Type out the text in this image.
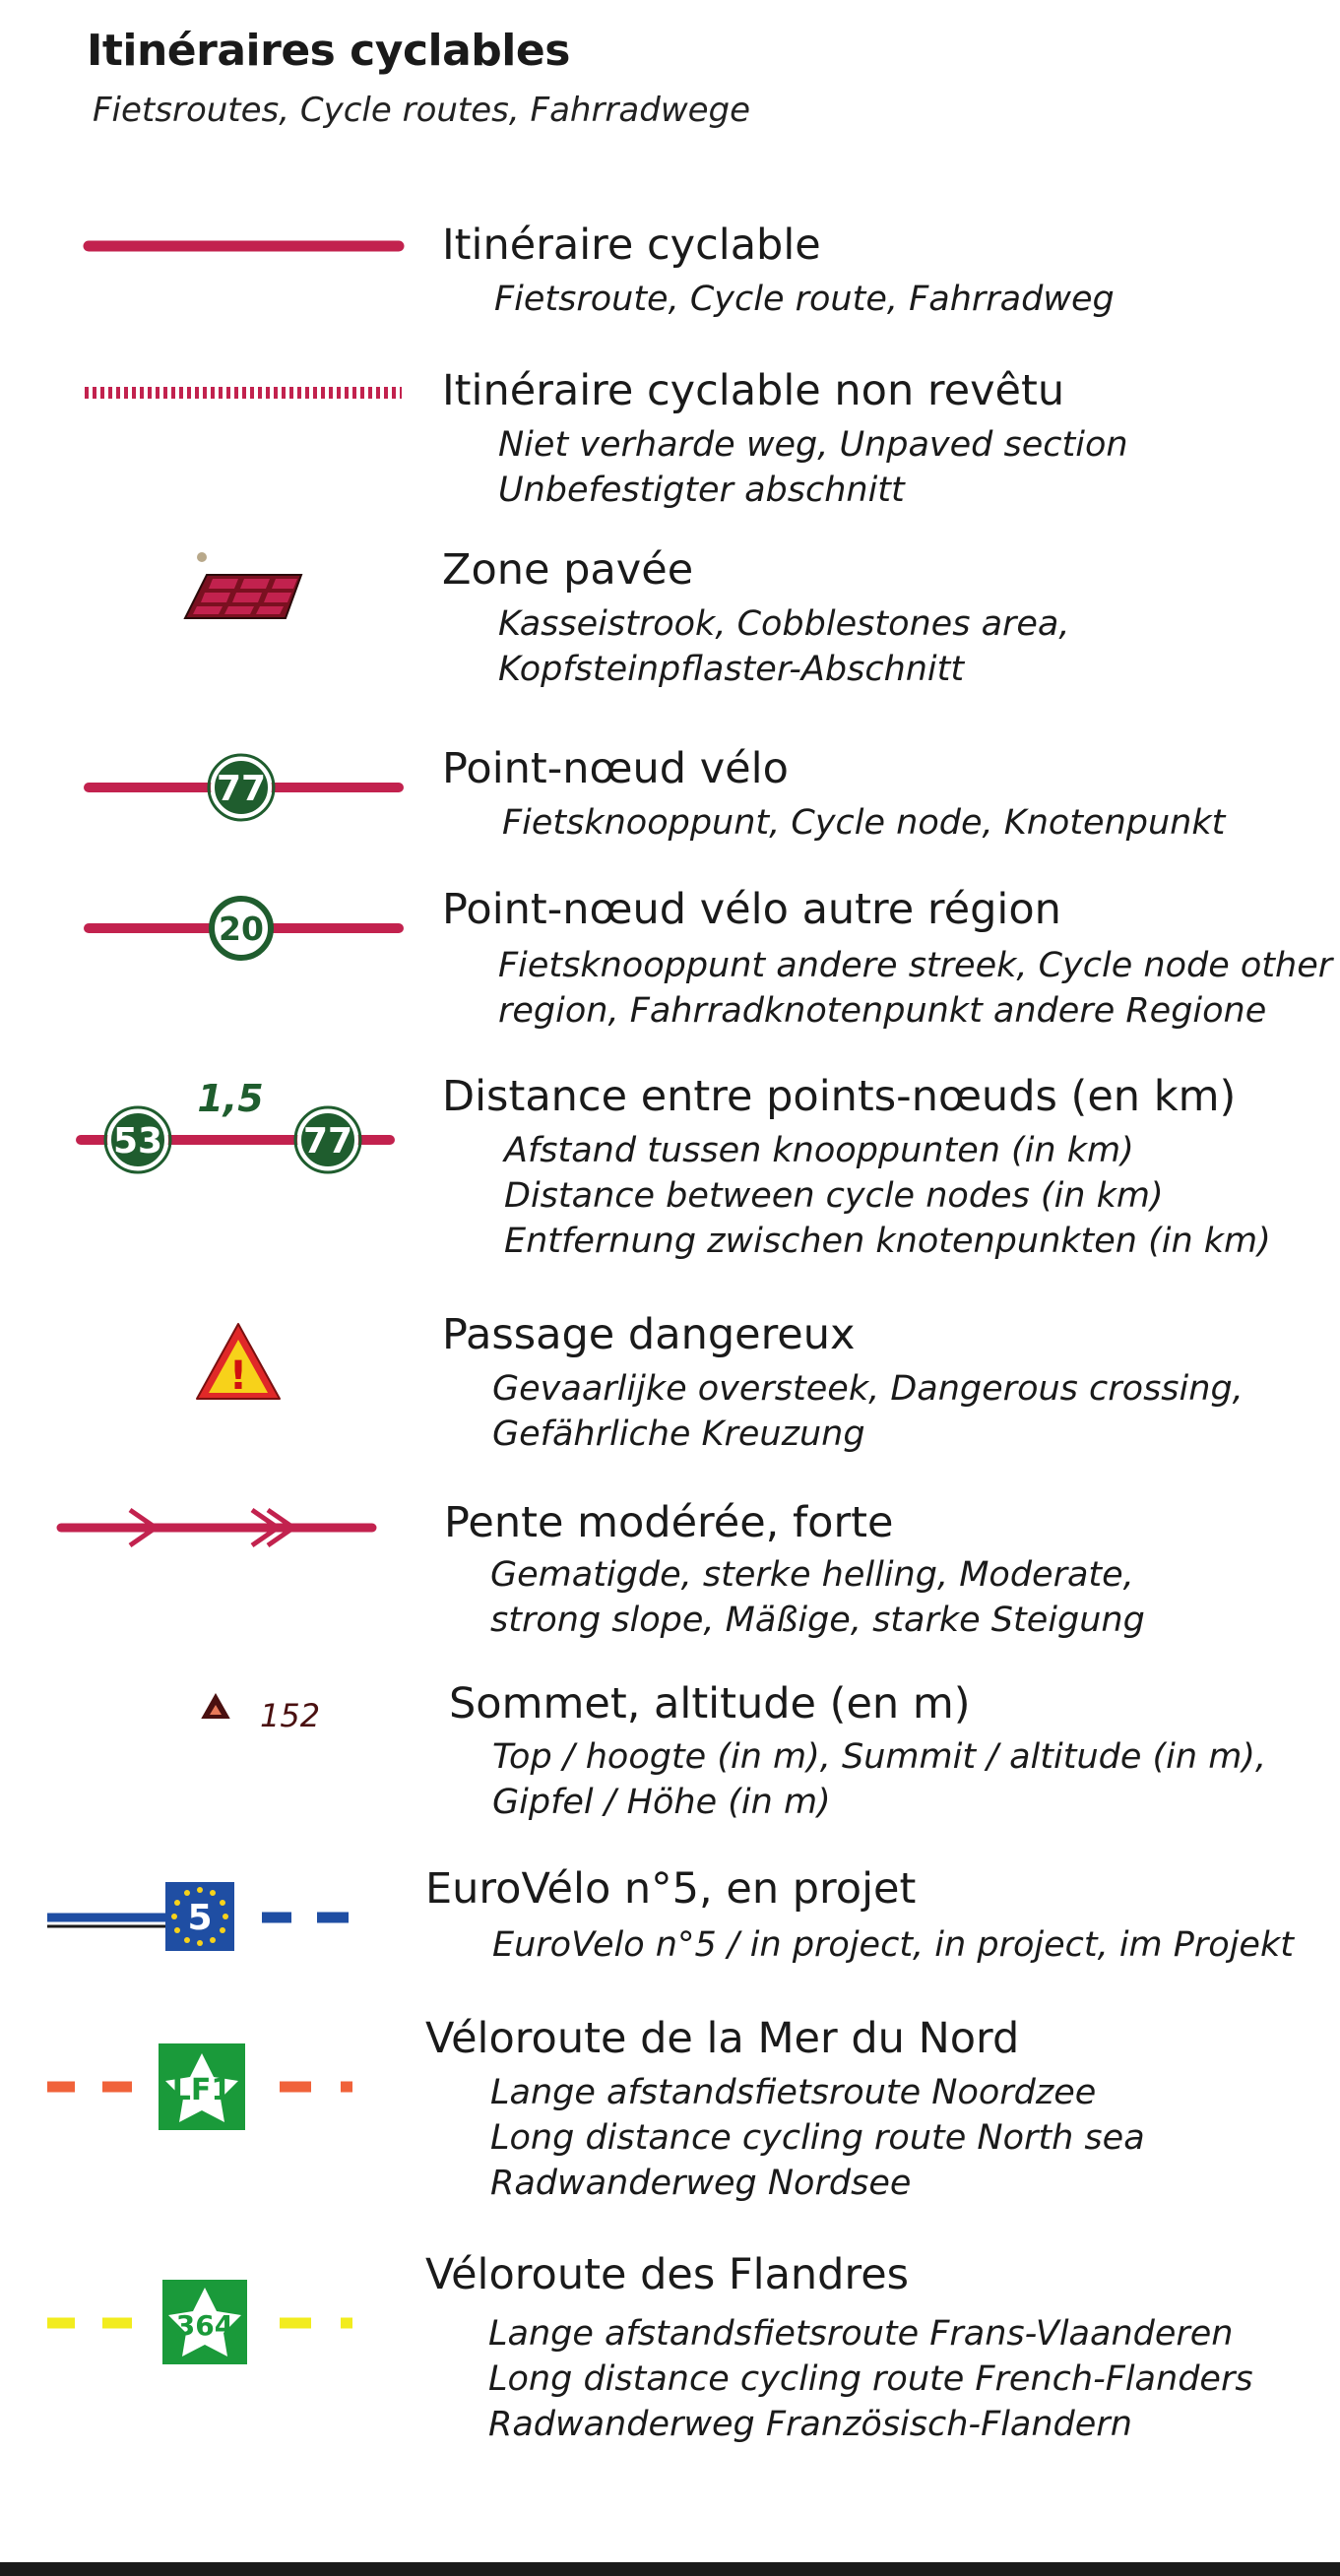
Itinéraires cyclables
Fietsroutes, Cycle routes, Fahrradwege
Itinéraire cyclable
Fietsroute, Cycle route, Fahrradweg
Itinéraire cyclable non revêtu
Niet verharde weg, Unpaved section
Unbefestigter abschnitt
Zone pavée
Kasseistrook, Cobblestones area,
Kopfsteinpflaster-Abschnitt
77	Point-nœud vélo
Fietsknooppunt, Cycle node, Knotenpunkt
20	Point-nœud vélo autre région
Fietsknooppunt andere streek, Cycle node other
region, Fahrradknotenpunkt andere Regione
1,5
53	77
Distance entre points-nœuds (en km)
Afstand tussen knooppunten (in km)
Distance between cycle nodes (in km)
Entfernung zwischen knotenpunkten (in km)
!
Passage dangereux
Gevaarlijke oversteek, Dangerous crossing,
Gefährliche Kreuzung
Pente modérée, forte
Gematigde, sterke helling, Moderate,
strong slope, Mäßige, starke Steigung
152	Sommet, altitude (en m)
Top / hoogte (in m), Summit / altitude (in m),
Gipfel / Höhe (in m)
5
EuroVélo n°5, en projet
EuroVelo n°5 / in project, in project, im Projekt
LF1
Véloroute de la Mer du Nord
Lange afstandsfietsroute Noordzee
Long distance cycling route North sea
Radwanderweg Nordsee
364
Véloroute des Flandres
Lange afstandsfietsroute Frans-Vlaanderen
Long distance cycling route French-Flanders
Radwanderweg Französisch-Flandern
